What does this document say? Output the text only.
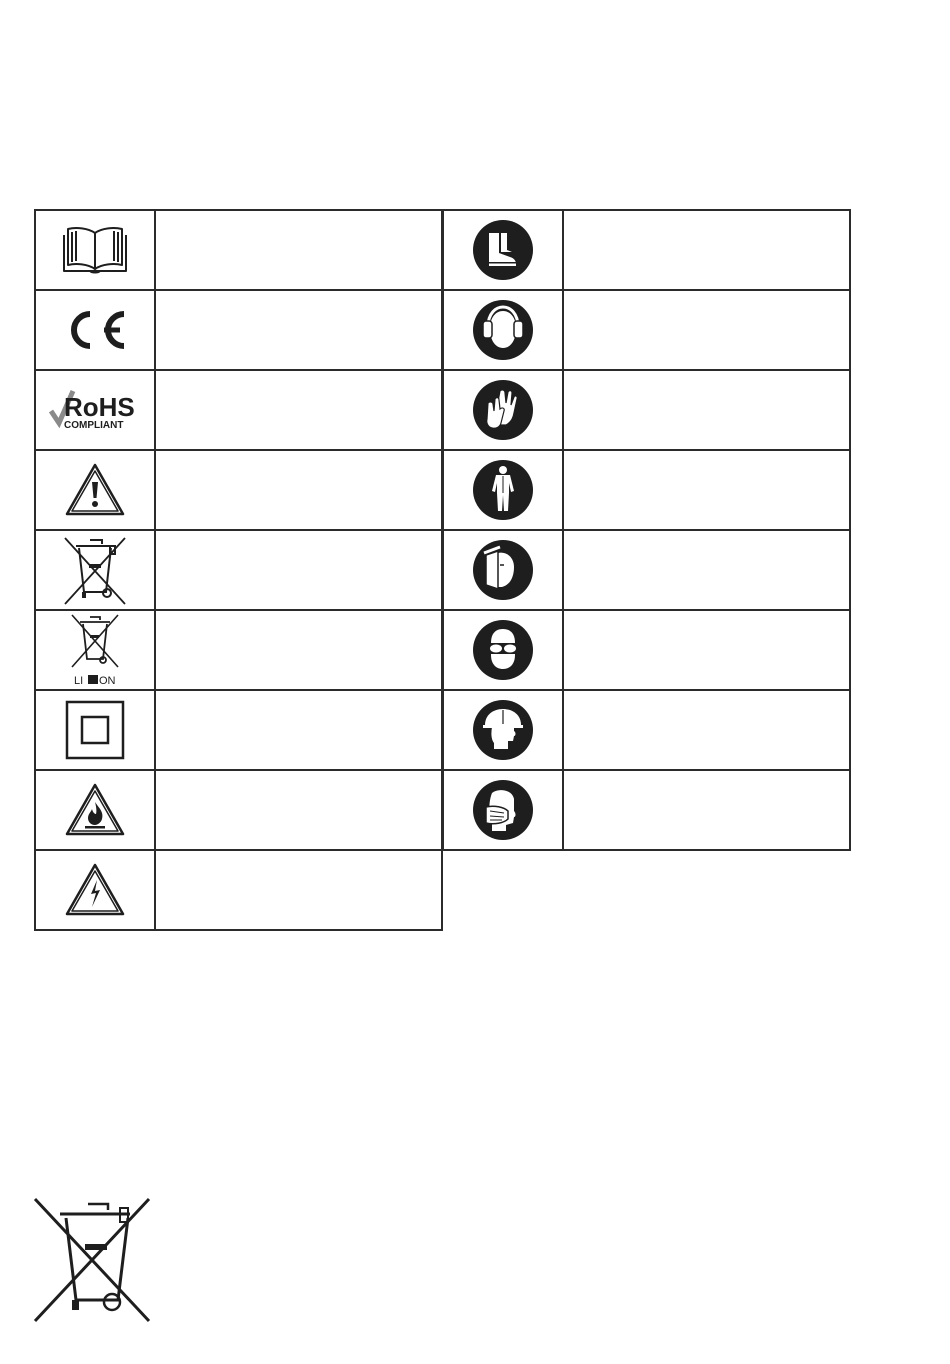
RoHS
COMPLIANT	

LI ON	
